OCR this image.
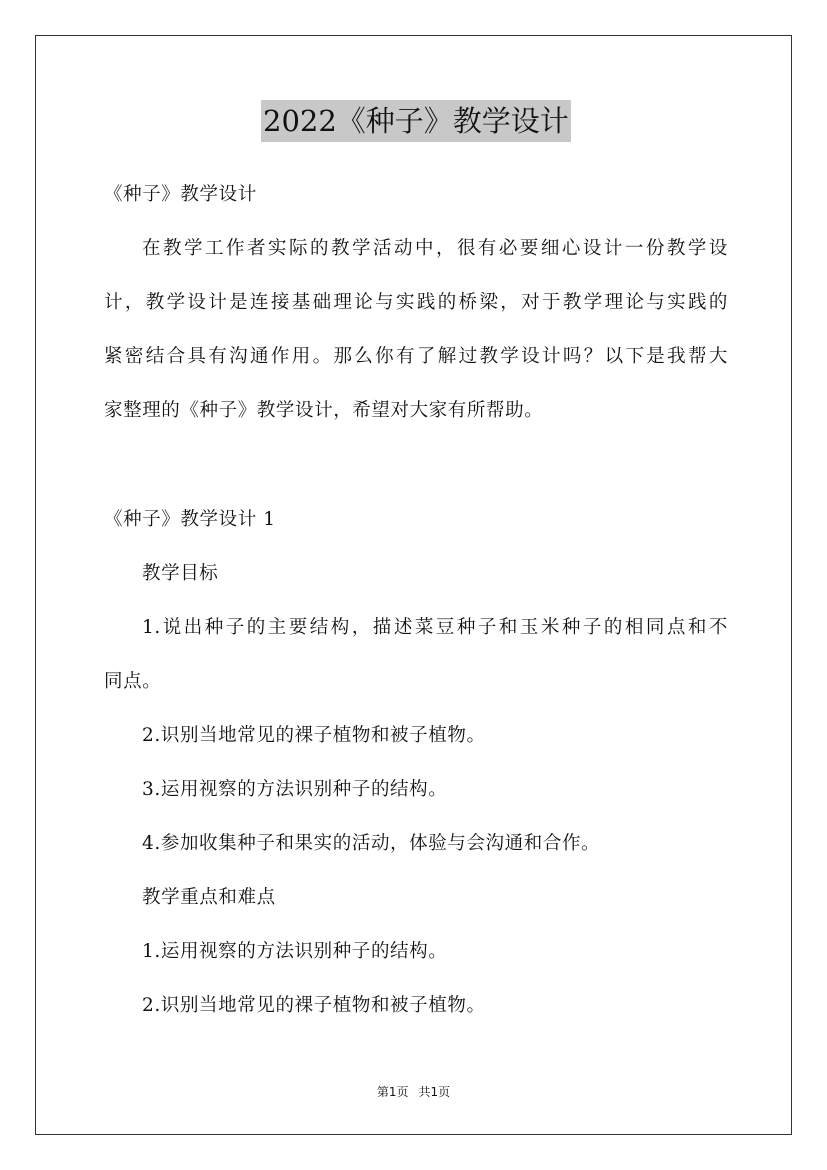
2022《种子》教学设计
《种子》教学设计
在教学工作者实际的教学活动中，很有必要细心设计一份教学设
计，教学设计是连接基础理论与实践的桥梁，对于教学理论与实践的
紧密结合具有沟通作用。那么你有了解过教学设计吗？以下是我帮大
家整理的《种子》教学设计，希望对大家有所帮助。
《种子》教学设计 1
教学目标
1.说出种子的主要结构，描述菜豆种子和玉米种子的相同点和不
同点。
2.识别当地常见的裸子植物和被子植物。
3.运用视察的方法识别种子的结构。
4.参加收集种子和果实的活动，体验与会沟通和合作。
教学重点和难点
1.运用视察的方法识别种子的结构。
2.识别当地常见的裸子植物和被子植物。
第1页 共1页
